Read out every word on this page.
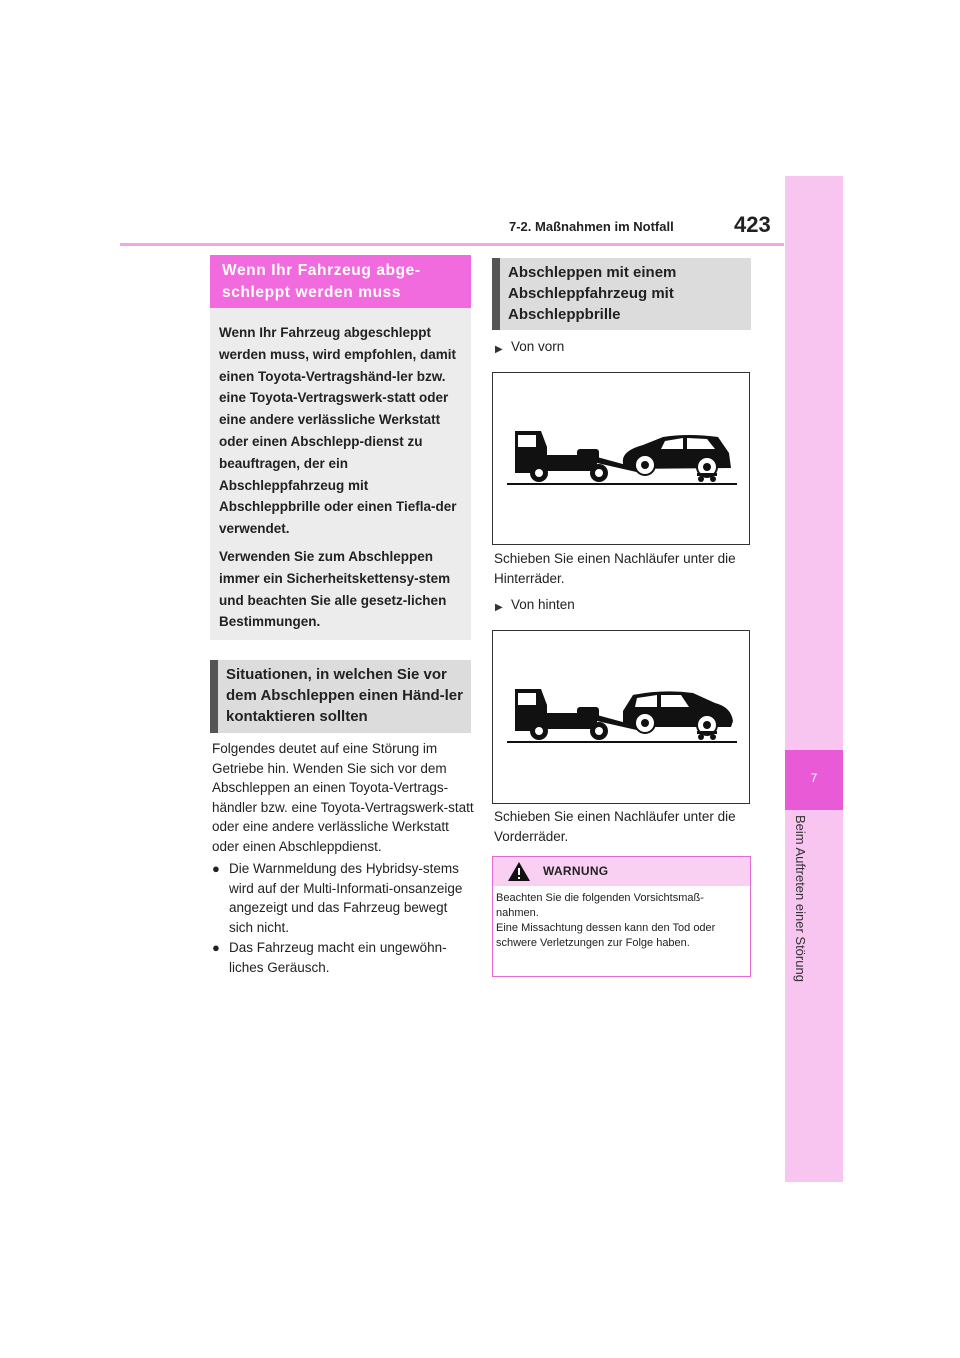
7-2. Maßnahmen im Notfall	423
7
Beim Auftreten einer Störung
Wenn Ihr Fahrzeug abge-
schleppt werden muss

Wenn Ihr Fahrzeug abgeschleppt werden muss, wird empfohlen, damit einen Toyota-Vertragshänd-ler bzw. eine Toyota-Vertragswerk-statt oder eine andere verlässliche Werkstatt oder einen Abschlepp-dienst zu beauftragen, der ein Abschleppfahrzeug mit Abschleppbrille oder einen Tiefla-der verwendet.

Verwenden Sie zum Abschleppen immer ein Sicherheitskettensy-stem und beachten Sie alle gesetz-lichen Bestimmungen.

Situationen, in welchen Sie vor dem Abschleppen einen Händ-ler kontaktieren sollten
Folgendes deutet auf eine Störung im Getriebe hin. Wenden Sie sich vor dem Abschleppen an einen Toyota-Vertrags-händler bzw. eine Toyota-Vertragswerk-statt oder eine andere verlässliche Werkstatt oder einen Abschleppdienst.
● Die Warnmeldung des Hybridsy-stems wird auf der Multi-Informati-onsanzeige angezeigt und das Fahrzeug bewegt sich nicht.
● Das Fahrzeug macht ein ungewöhn-liches Geräusch.
Abschleppen mit einem Abschleppfahrzeug mit Abschleppbrille
▶ Von vorn
Schieben Sie einen Nachläufer unter die Hinterräder.
▶ Von hinten
Schieben Sie einen Nachläufer unter die Vorderräder.
WARNUNG
Beachten Sie die folgenden Vorsichtsmaß-nahmen.
Eine Missachtung dessen kann den Tod oder schwere Verletzungen zur Folge haben.
